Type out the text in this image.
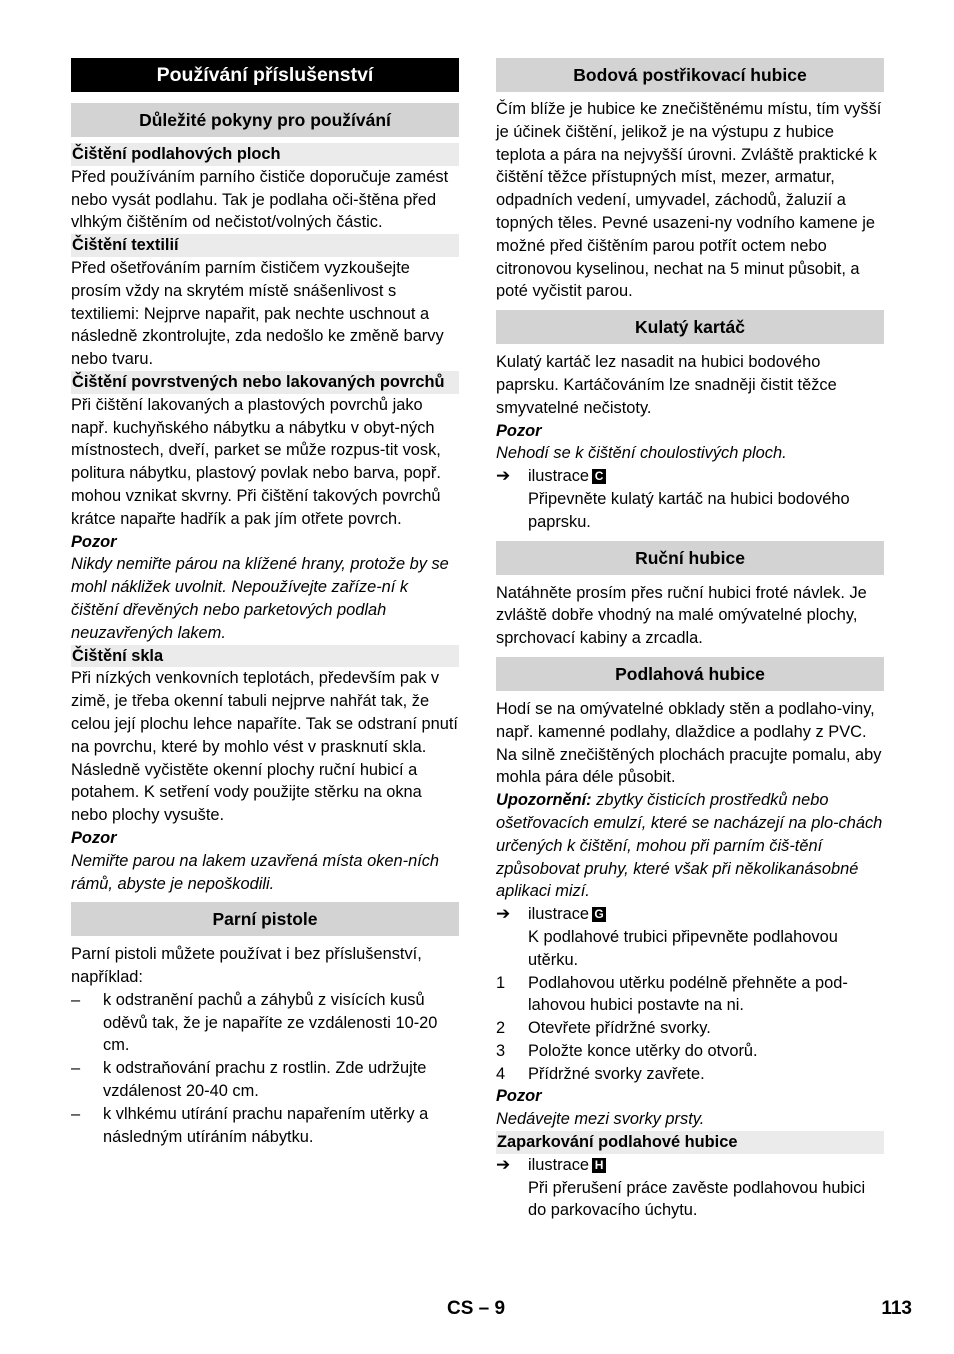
Používání příslušenství
Důležité pokyny pro používání
Čištění podlahových ploch

Před používáním parního čističe doporučuje zamést nebo vysát podlahu. Tak je podlaha oči-štěna před vlhkým čištěním od nečistot/volných částic.

Čištění textilií

Před ošetřováním parním čističem vyzkoušejte prosím vždy na skrytém místě snášenlivost s textiliemi: Nejprve napařit, pak nechte uschnout a následně zkontrolujte, zda nedošlo ke změně barvy nebo tvaru.

Čištění povrstvených nebo lakovaných povrchů

Při čištění lakovaných a plastových povrchů jako např. kuchyňského nábytku a nábytku v obyt-ných místnostech, dveří, parket se může rozpus-tit vosk, politura nábytku, plastový povlak nebo barva, popř. mohou vznikat skvrny. Při čištění takových povrchů krátce napařte hadřík a pak jím otřete povrch.

Pozor

Nikdy nemiřte párou na klížené hrany, protože by se mohl nákližek uvolnit. Nepoužívejte zaříze-ní k čištění dřevěných nebo parketových podlah neuzavřených lakem.

Čištění skla

Při nízkých venkovních teplotách, především pak v zimě, je třeba okenní tabuli nejprve nahřát tak, že celou její plochu lehce napaříte. Tak se odstraní pnutí na povrchu, které by mohlo vést v prasknutí skla.

Následně vyčistěte okenní plochy ruční hubicí a potahem. K setření vody použijte stěrku na okna nebo plochy vysušte.

Pozor

Nemiřte parou na lakem uzavřená místa oken-ních rámů, abyste je nepoškodili.

Parní pistole

Parní pistoli můžete používat i bez příslušenství, například:

–	k odstranění pachů a záhybů z visících kusů oděvů tak, že je napaříte ze vzdálenosti 10-20 cm.
–	k odstraňování prachu z rostlin. Zde udržujte vzdálenost 20-40 cm.
–	k vlhkému utírání prachu napařením utěrky a následným utíráním nábytku.
Bodová postřikovací hubice

Čím blíže je hubice ke znečištěnému místu, tím vyšší je účinek čištění, jelikož je na výstupu z hubice teplota a pára na nejvyšší úrovni. Zvláště praktické k čištění těžce přístupných míst, mezer, armatur, odpadních vedení, umyvadel, záchodů, žaluzií a topných těles. Pevné usazeni-ny vodního kamene je možné před čištěním parou potřít octem nebo citronovou kyselinou, nechat na 5 minut působit, a poté vyčistit parou.

Kulatý kartáč

Kulatý kartáč lez nasadit na hubici bodového paprsku. Kartáčováním lze snadněji čistit těžce smyvatelné nečistoty.

Pozor

Nehodí se k čištění choulostivých ploch.

➔	ilustrace C
Připevněte kulatý kartáč na hubici bodového paprsku.
Ruční hubice

Natáhněte prosím přes ruční hubici froté návlek. Je zvláště dobře vhodný na malé omývatelné plochy, sprchovací kabiny a zrcadla.

Podlahová hubice

Hodí se na omývatelné obklady stěn a podlaho-viny, např. kamenné podlahy, dlaždice a podlahy z PVC. Na silně znečištěných plochách pracujte pomalu, aby mohla pára déle působit.

Upozornění: zbytky čisticích prostředků nebo ošetřovacích emulzí, které se nacházejí na plo-chách určených k čištění, mohou při parním čiš-tění způsobovat pruhy, které však při několikanásobné aplikaci mizí.

➔	ilustrace G
K podlahové trubici připevněte podlahovou utěrku.
1	Podlahovou utěrku podélně přehněte a pod-lahovou hubici postavte na ni.
2	Otevřete přídržné svorky.
3	Položte konce utěrky do otvorů.
4	Přídržné svorky zavřete.

Pozor

Nedávejte mezi svorky prsty.

Zaparkování podlahové hubice
➔	ilustrace H
Při přerušení práce zavěste podlahovou hubici do parkovacího úchytu.
CS – 9	113
